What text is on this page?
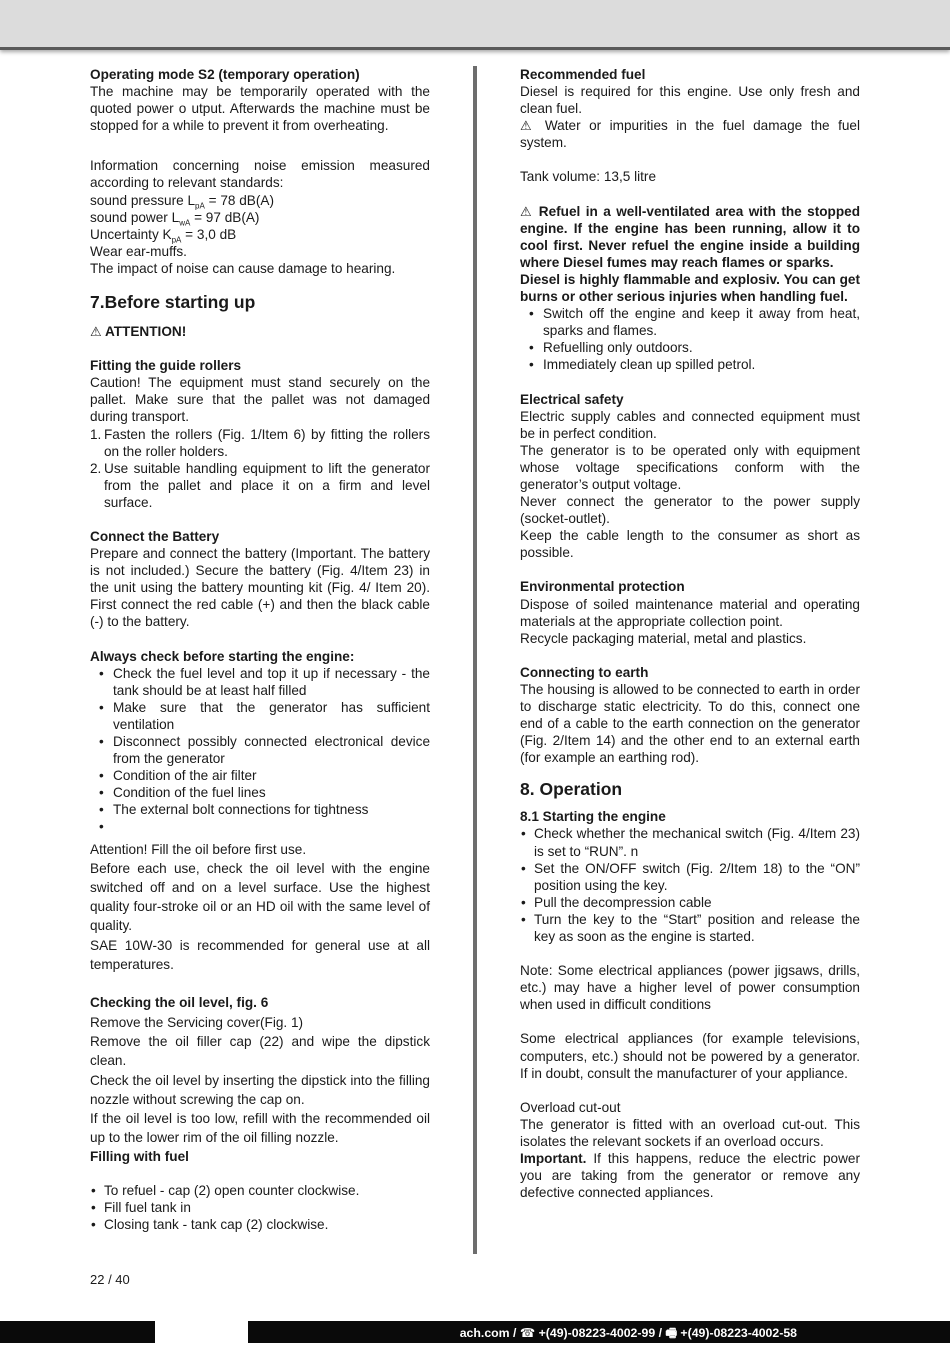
Operating mode S2 (temporary operation)

The machine may be temporarily operated with the quoted power o utput. Afterwards the machine must be stopped for a while to prevent it from overheating.

Information concerning noise emission measured according to relevant standards:

sound pressure $L_{pA} = 78$ dB(A)

sound power $L_{wA} = 97$ dB(A)

Uncertainty $K_{pA} = 3,0$ dB

Wear ear-muffs.

The impact of noise can cause damage to hearing.

7.Before starting up

⚠ ATTENTION!

Fitting the guide rollers

Caution! The equipment must stand securely on the pallet. Make sure that the pallet was not damaged during transport.

1. Fasten the rollers (Fig. 1/Item 6) by fitting the rollers on the roller holders.
2. Use suitable handling equipment to lift the generator from the pallet and place it on a firm and level surface.

Connect the Battery

Prepare and connect the battery (Important. The battery is not included.) Secure the battery (Fig. 4/Item 23) in the unit using the battery mounting kit (Fig. 4/ Item 20). First connect the red cable (+) and then the black cable (-) to the battery.

Always check before starting the engine:

• Check the fuel level and top it up if necessary - the tank should be at least half filled
• Make sure that the generator has sufficient ventilation
• Disconnect possibly connected electronical device from the generator
• Condition of the air filter
• Condition of the fuel lines
• The external bolt connections for tightness
•

Attention! Fill the oil before first use.

Before each use, check the oil level with the engine switched off and on a level surface. Use the highest quality four-stroke oil or an HD oil with the same level of quality.

SAE 10W-30 is recommended for general use at all temperatures.

Checking the oil level, fig. 6

Remove the Servicing cover(Fig. 1)

Remove the oil filler cap (22) and wipe the dipstick clean.

Check the oil level by inserting the dipstick into the filling nozzle without screwing the cap on.

If the oil level is too low, refill with the recommended oil up to the lower rim of the oil filling nozzle.

Filling with fuel

• To refuel - cap (2) open counter clockwise.
• Fill fuel tank in
• Closing tank - tank cap (2) clockwise.
22 / 40

Recommended fuel

Diesel is required for this engine. Use only fresh and clean fuel.

⚠ Water or impurities in the fuel damage the fuel system.

Tank volume: 13,5 litre

⚠ Refuel in a well-ventilated area with the stopped engine. If the engine has been running, allow it to cool first. Never refuel the engine inside a building where Diesel fumes may reach flames or sparks.

Diesel is highly flammable and explosiv. You can get burns or other serious injuries when handling fuel.

• Switch off the engine and keep it away from heat, sparks and flames.
• Refuelling only outdoors.
• Immediately clean up spilled petrol.

Electrical safety

Electric supply cables and connected equipment must be in perfect condition.

The generator is to be operated only with equipment whose voltage specifications conform with the generator’s output voltage.

Never connect the generator to the power supply (socket-outlet).

Keep the cable length to the consumer as short as possible.

Environmental protection

Dispose of soiled maintenance material and operating materials at the appropriate collection point.

Recycle packaging material, metal and plastics.

Connecting to earth

The housing is allowed to be connected to earth in order to discharge static electricity. To do this, connect one end of a cable to the earth connection on the generator (Fig. 2/Item 14) and the other end to an external earth (for example an earthing rod).

8. Operation

8.1 Starting the engine

• Check whether the mechanical switch (Fig. 4/Item 23) is set to “RUN”. n
• Set the ON/OFF switch (Fig. 2/Item 18) to the “ON” position using the key.
• Pull the decompression cable
• Turn the key to the “Start” position and release the key as soon as the engine is started.

Note: Some electrical appliances (power jigsaws, drills, etc.) may have a higher level of power consumption when used in difficult conditions

Some electrical appliances (for example televisions, computers, etc.) should not be powered by a generator. If in doubt, consult the manufacturer of your appliance.

Overload cut-out

The generator is fitted with an overload cut-out. This isolates the relevant sockets if an overload occurs.

Important. If this happens, reduce the electric power you are taking from the generator or remove any defective connected appliances.

ach.com / ☎ +(49)-08223-4002-99 / 🖷 +(49)-08223-4002-58
